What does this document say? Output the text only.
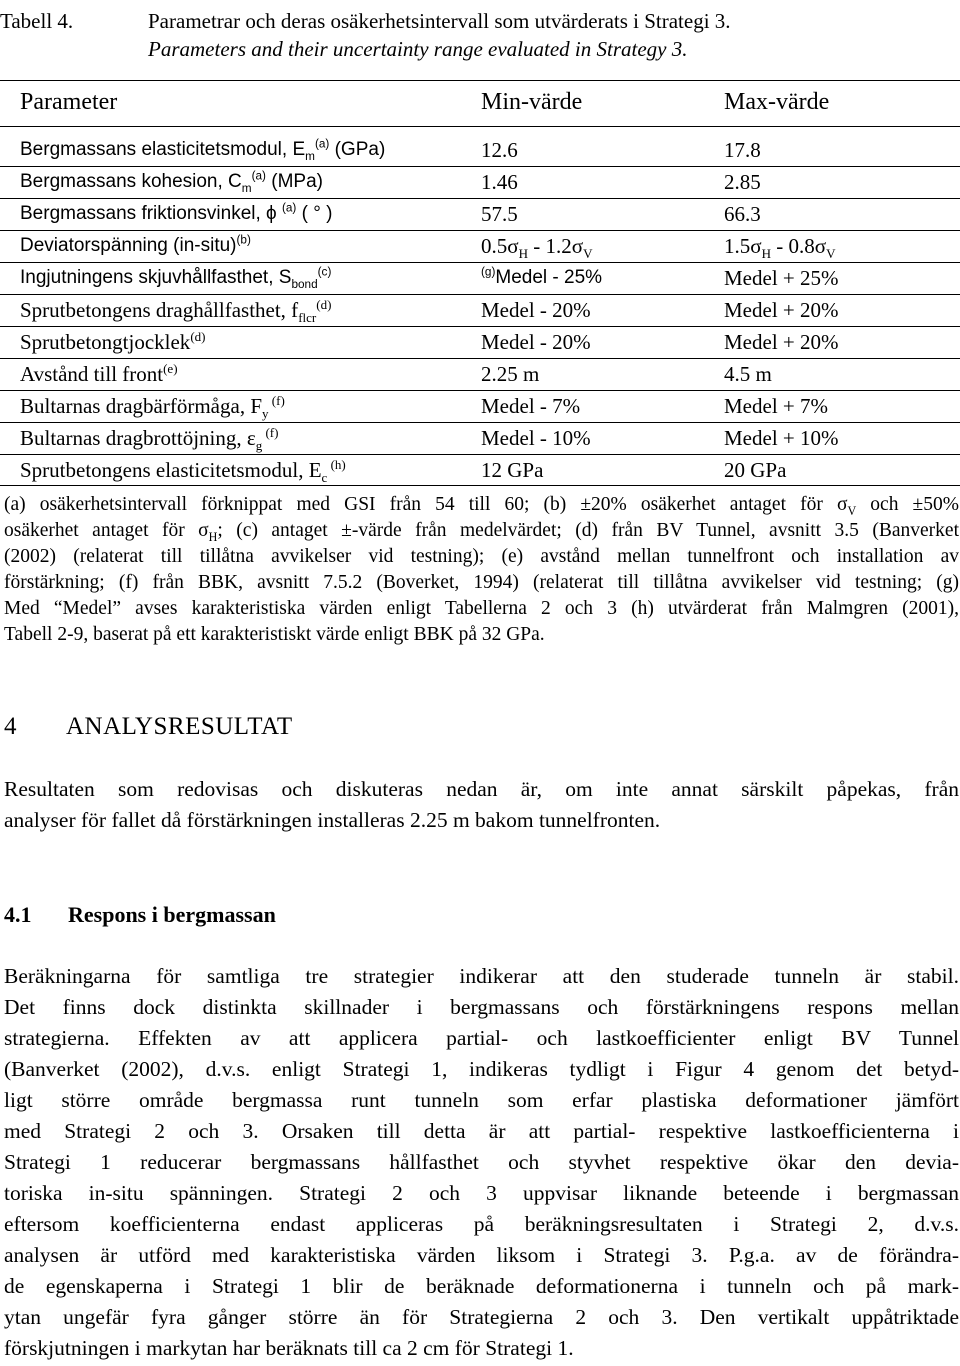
Tabell 4.	Parametrar och deras osäkerhetsintervall som utvärderats i Strategi 3.
Parameters and their uncertainty range evaluated in Strategy 3.
Parameter	Min-värde	Max-värde
Bergmassans elasticitetsmodul, $E_m^{(a)}$ (GPa)	12.6	17.8
Bergmassans kohesion, $C_m^{(a)}$ (MPa)	1.46	2.85
Bergmassans friktionsvinkel, ϕ $^{(a)}$ ( ° )	57.5	66.3
Deviatorspänning (in-situ)$^{(b)}$	$0.5\sigma_H - 1.2\sigma_V$	$1.5\sigma_H - 0.8\sigma_V$
Ingjutningens skjuvhållfasthet, $S_{bond}^{(c)}$	$^{(g)}$Medel - 25%	Medel + 25%
Sprutbetongens draghållfasthet, $f_{flcr}^{(d)}$	Medel - 20%	Medel + 20%
Sprutbetongtjocklek$^{(d)}$	Medel - 20%	Medel + 20%
Avstånd till front$^{(e)}$	2.25 m	4.5 m
Bultarnas dragbärförmåga, $F_y$ $^{(f)}$	Medel - 7%	Medel + 7%
Bultarnas dragbrottöjning, $\varepsilon_g$ $^{(f)}$	Medel - 10%	Medel + 10%
Sprutbetongens elasticitetsmodul, $E_c$ $^{(h)}$	12 GPa	20 GPa
(a) osäkerhetsintervall förknippat med GSI från 54 till 60; (b) ±20% osäkerhet antaget för $\sigma_V$ och ±50%
osäkerhet antaget för $\sigma_H$; (c) antaget ±-värde från medelvärdet; (d) från BV Tunnel, avsnitt 3.5 (Banverket
(2002) (relaterat till tillåtna avvikelser vid testning); (e) avstånd mellan tunnelfront och installation av
förstärkning; (f) från BBK, avsnitt 7.5.2 (Boverket, 1994) (relaterat till tillåtna avvikelser vid testning; (g)
Med “Medel” avses karakteristiska värden enligt Tabellerna 2 och 3 (h) utvärderat från Malmgren (2001),
Tabell 2-9, baserat på ett karakteristiskt värde enligt BBK på 32 GPa.
4 ANALYSRESULTAT
Resultaten som redovisas och diskuteras nedan är, om inte annat särskilt påpekas, från
analyser för fallet då förstärkningen installeras 2.25 m bakom tunnelfronten.
4.1 Respons i bergmassan
Beräkningarna för samtliga tre strategier indikerar att den studerade tunneln är stabil.
Det finns dock distinkta skillnader i bergmassans och förstärkningens respons mellan
strategierna. Effekten av att applicera partial- och lastkoefficienter enligt BV Tunnel
(Banverket (2002), d.v.s. enligt Strategi 1, indikeras tydligt i Figur 4 genom det betyd-
ligt större område bergmassa runt tunneln som erfar plastiska deformationer jämfört
med Strategi 2 och 3. Orsaken till detta är att partial- respektive lastkoefficienterna i
Strategi 1 reducerar bergmassans hållfasthet och styvhet respektive ökar den devia-
toriska in-situ spänningen. Strategi 2 och 3 uppvisar liknande beteende i bergmassan
eftersom koefficienterna endast appliceras på beräkningsresultaten i Strategi 2, d.v.s.
analysen är utförd med karakteristiska värden liksom i Strategi 3. P.g.a. av de förändra-
de egenskaperna i Strategi 1 blir de beräknade deformationerna i tunneln och på mark-
ytan ungefär fyra gånger större än för Strategierna 2 och 3. Den vertikalt uppåtriktade
förskjutningen i markytan har beräknats till ca 2 cm för Strategi 1.
